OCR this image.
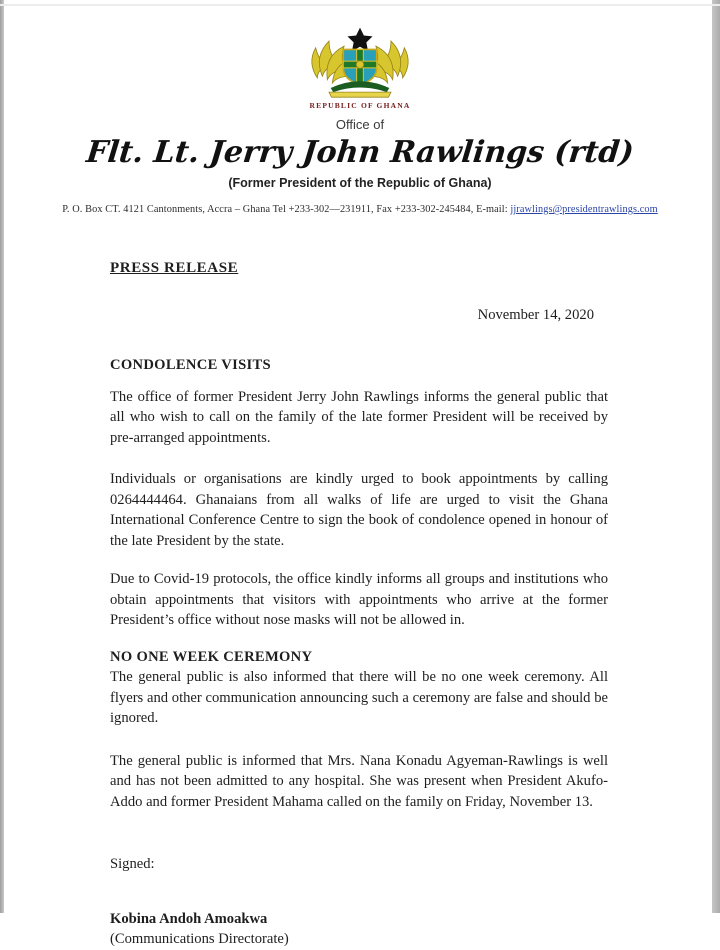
REPUBLIC OF GHANA
Office of
Flt. Lt. Jerry John Rawlings (rtd)
(Former President of the Republic of Ghana)
P. O. Box CT. 4121 Cantonments, Accra – Ghana Tel +233-302—231911, Fax +233-302-245484, E-mail: jjrawlings@presidentrawlings.com
PRESS RELEASE
November 14, 2020
CONDOLENCE VISITS

The office of former President Jerry John Rawlings informs the general public that all who wish to call on the family of the late former President will be received by pre-arranged appointments.

Individuals or organisations are kindly urged to book appointments by calling 0264444464. Ghanaians from all walks of life are urged to visit the Ghana International Conference Centre to sign the book of condolence opened in honour of the late President by the state.

Due to Covid-19 protocols, the office kindly informs all groups and institutions who obtain appointments that visitors with appointments who arrive at the former President’s office without nose masks will not be allowed in.

NO ONE WEEK CEREMONY

The general public is also informed that there will be no one week ceremony. All flyers and other communication announcing such a ceremony are false and should be ignored.

The general public is informed that Mrs. Nana Konadu Agyeman-Rawlings is well and has not been admitted to any hospital. She was present when President Akufo-Addo and former President Mahama called on the family on Friday, November 13.

Signed:
Kobina Andoh Amoakwa
(Communications Directorate)
